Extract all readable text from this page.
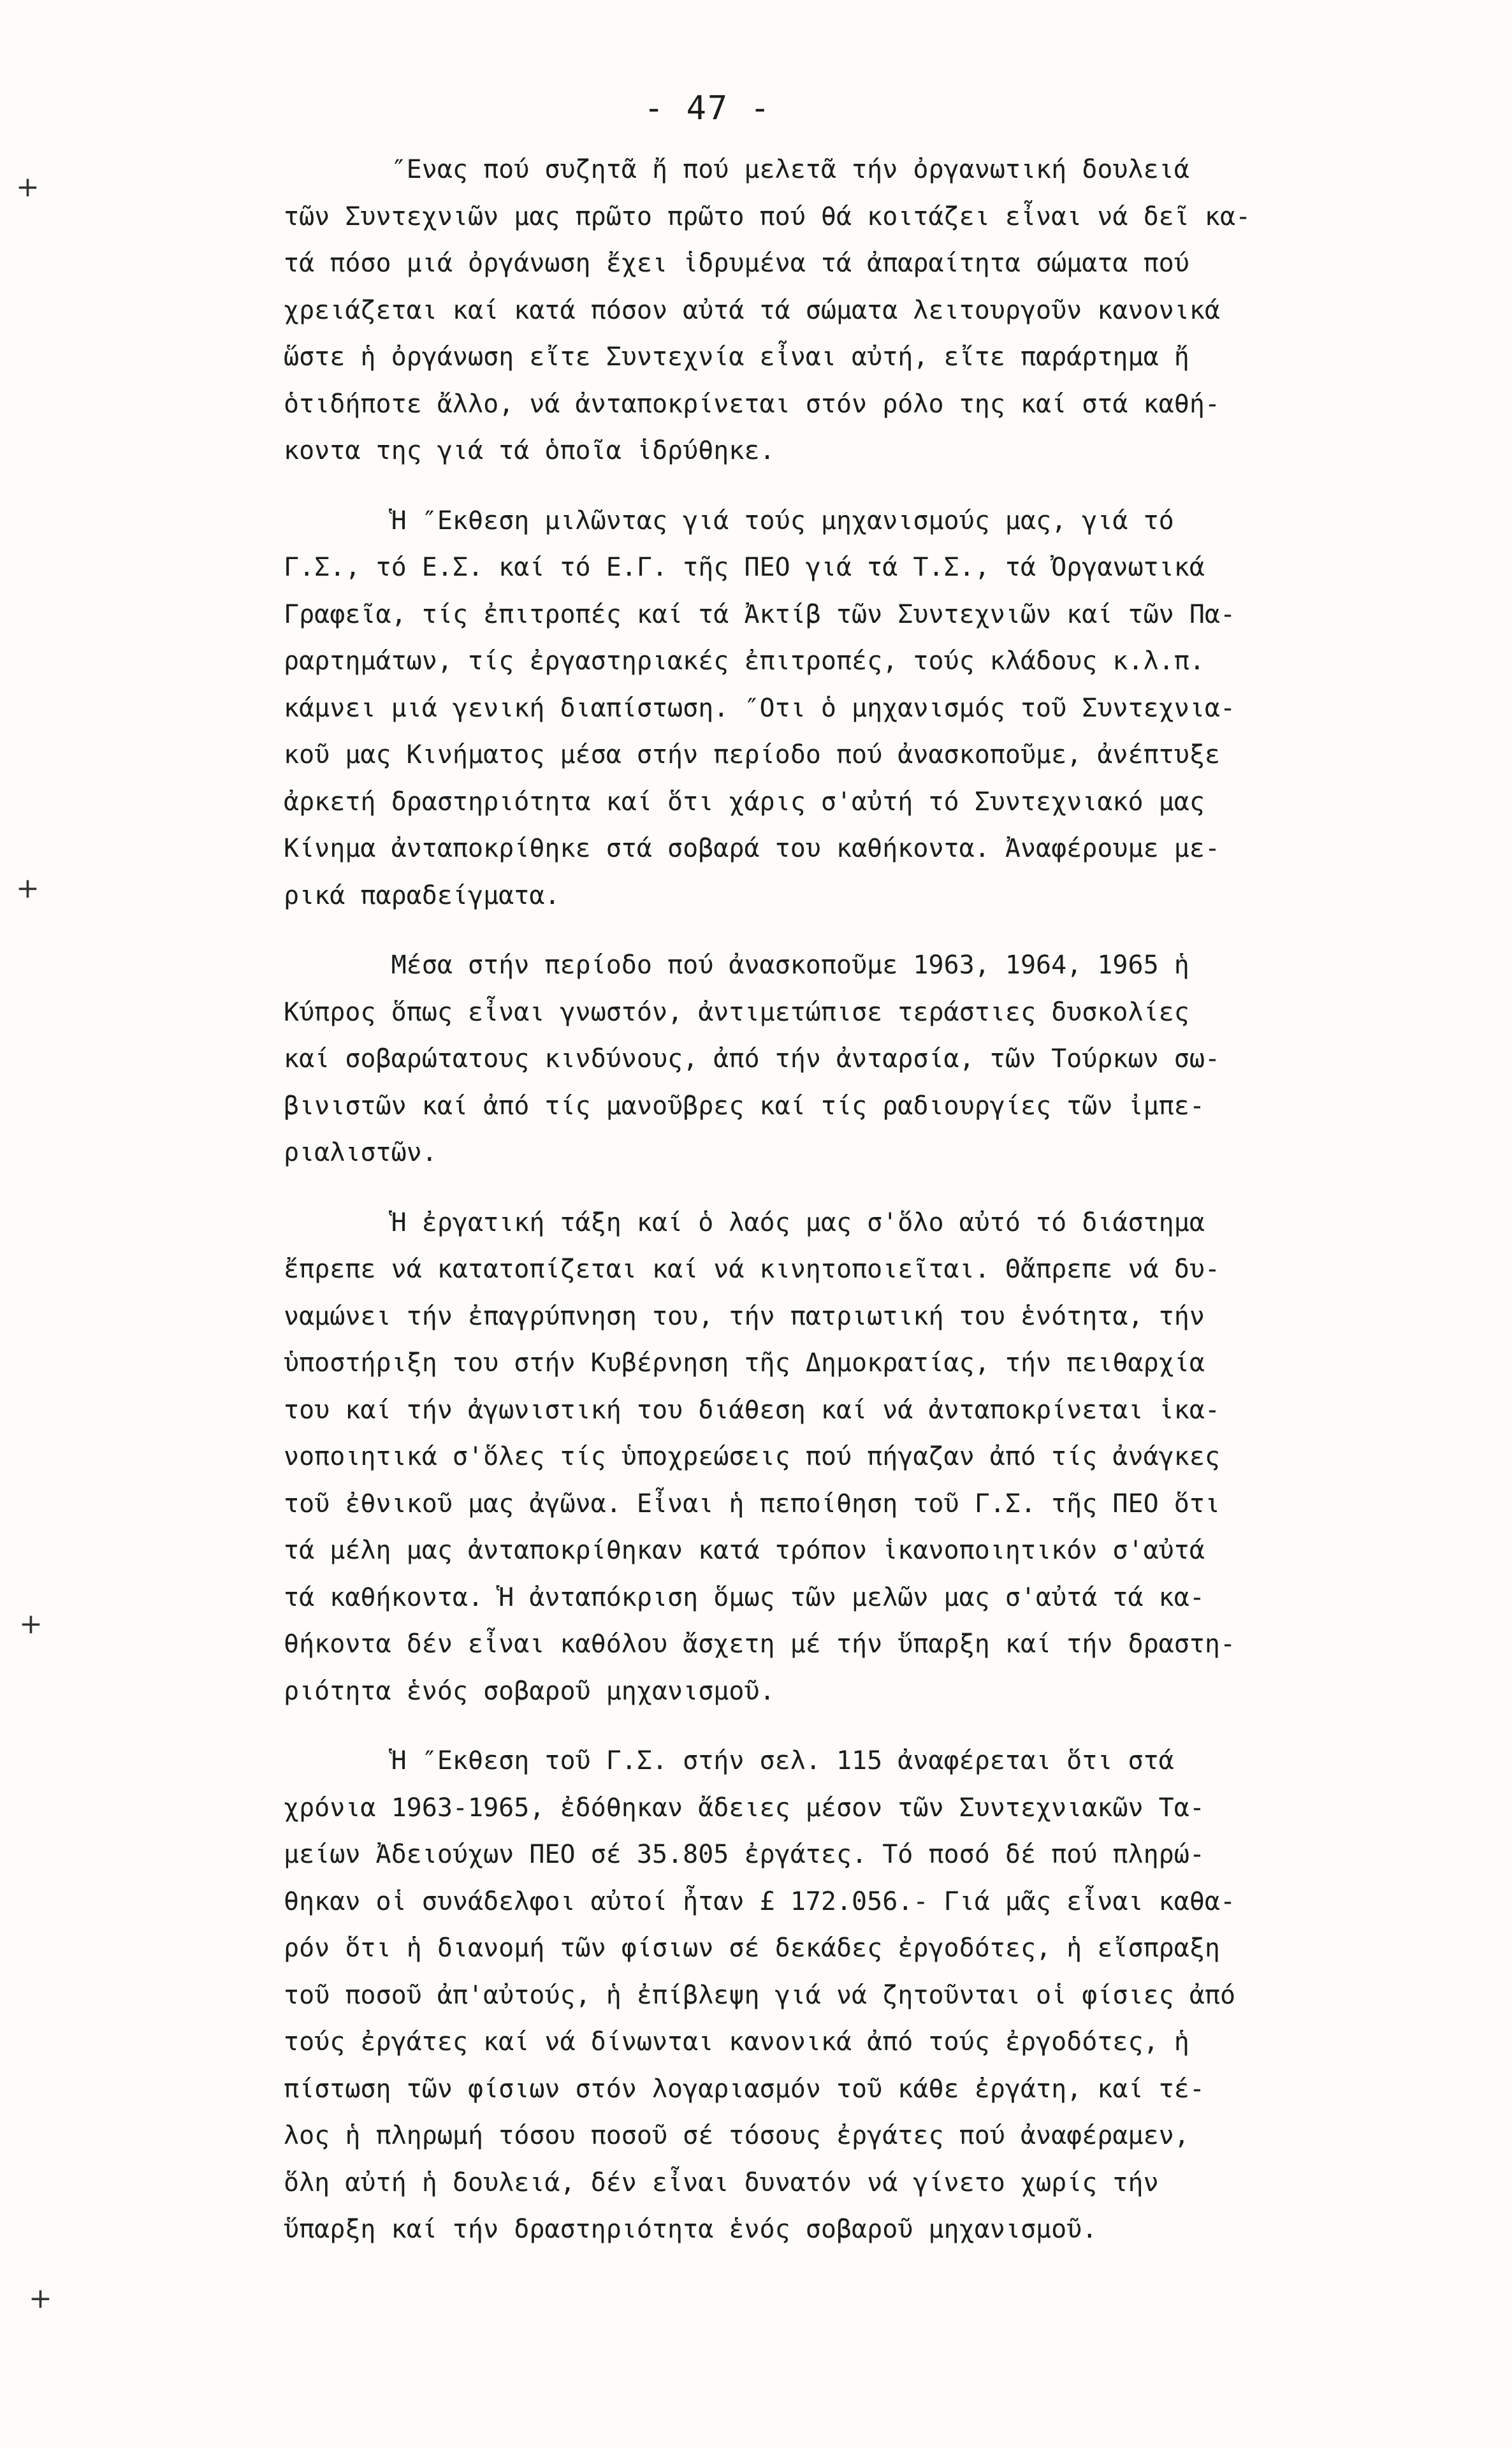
- 47 -
+
+
+
+
″Ενας πού συζητᾶ ἤ πού μελετᾶ τήν ὀργανωτική δουλειά
τῶν Συντεχνιῶν μας πρῶτο πρῶτο πού θά κοιτάζει εἶναι νά δεῖ κα-
τά πόσο μιά ὀργάνωση ἔχει ἱδρυμένα τά ἀπαραίτητα σώματα πού
χρειάζεται καί κατά πόσον αὐτά τά σώματα λειτουργοῦν κανονικά
ὥστε ἡ ὀργάνωση εἴτε Συντεχνία εἶναι αὐτή, εἴτε παράρτημα ἤ
ὁτιδήποτε ἄλλο, νά ἀνταποκρίνεται στόν ρόλο της καί στά καθή-
κοντα της γιά τά ὁποῖα ἱδρύθηκε.
Ἡ ″Εκθεση μιλῶντας γιά τούς μηχανισμούς μας, γιά τό
Γ.Σ., τό Ε.Σ. καί τό Ε.Γ. τῆς ΠΕΟ γιά τά Τ.Σ., τά Ὀργανωτικά
Γραφεῖα, τίς ἐπιτροπές καί τά Ἀκτίβ τῶν Συντεχνιῶν καί τῶν Πα-
ραρτημάτων, τίς ἐργαστηριακές ἐπιτροπές, τούς κλάδους κ.λ.π.
κάμνει μιά γενική διαπίστωση. ″Οτι ὁ μηχανισμός τοῦ Συντεχνια-
κοῦ μας Κινήματος μέσα στήν περίοδο πού ἀνασκοποῦμε, ἀνέπτυξε
ἀρκετή δραστηριότητα καί ὅτι χάρις σ'αὐτή τό Συντεχνιακό μας
Κίνημα ἀνταποκρίθηκε στά σοβαρά του καθήκοντα. Ἀναφέρουμε με-
ρικά παραδείγματα.
Μέσα στήν περίοδο πού ἀνασκοποῦμε 1963, 1964, 1965 ἡ
Κύπρος ὅπως εἶναι γνωστόν, ἀντιμετώπισε τεράστιες δυσκολίες
καί σοβαρώτατους κινδύνους, ἀπό τήν ἀνταρσία, τῶν Τούρκων σω-
βινιστῶν καί ἀπό τίς μανοῦβρες καί τίς ραδιουργίες τῶν ἰμπε-
ριαλιστῶν.
Ἡ ἐργατική τάξη καί ὁ λαός μας σ'ὅλο αὐτό τό διάστημα
ἔπρεπε νά κατατοπίζεται καί νά κινητοποιεῖται. Θἄπρεπε νά δυ-
ναμώνει τήν ἐπαγρύπνηση του, τήν πατριωτική του ἑνότητα, τήν
ὑποστήριξη του στήν Κυβέρνηση τῆς Δημοκρατίας, τήν πειθαρχία
του καί τήν ἀγωνιστική του διάθεση καί νά ἀνταποκρίνεται ἱκα-
νοποιητικά σ'ὅλες τίς ὑποχρεώσεις πού πήγαζαν ἀπό τίς ἀνάγκες
τοῦ ἐθνικοῦ μας ἀγῶνα. Εἶναι ἡ πεποίθηση τοῦ Γ.Σ. τῆς ΠΕΟ ὅτι
τά μέλη μας ἀνταποκρίθηκαν κατά τρόπον ἱκανοποιητικόν σ'αὐτά
τά καθήκοντα. Ἡ ἀνταπόκριση ὅμως τῶν μελῶν μας σ'αὐτά τά κα-
θήκοντα δέν εἶναι καθόλου ἄσχετη μέ τήν ὕπαρξη καί τήν δραστη-
ριότητα ἑνός σοβαροῦ μηχανισμοῦ.
Ἡ ″Εκθεση τοῦ Γ.Σ. στήν σελ. 115 ἀναφέρεται ὅτι στά
χρόνια 1963-1965, ἐδόθηκαν ἄδειες μέσον τῶν Συντεχνιακῶν Τα-
μείων Ἀδειούχων ΠΕΟ σέ 35.805 ἐργάτες. Τό ποσό δέ πού πληρώ-
θηκαν οἱ συνάδελφοι αὐτοί ἦταν £ 172.056.- Γιά μᾶς εἶναι καθα-
ρόν ὅτι ἡ διανομή τῶν φίσιων σέ δεκάδες ἐργοδότες, ἡ εἴσπραξη
τοῦ ποσοῦ ἀπ'αὐτούς, ἡ ἐπίβλεψη γιά νά ζητοῦνται οἱ φίσιες ἀπό
τούς ἐργάτες καί νά δίνωνται κανονικά ἀπό τούς ἐργοδότες, ἡ
πίστωση τῶν φίσιων στόν λογαριασμόν τοῦ κάθε ἐργάτη, καί τέ-
λος ἡ πληρωμή τόσου ποσοῦ σέ τόσους ἐργάτες πού ἀναφέραμεν,
ὅλη αὐτή ἡ δουλειά, δέν εἶναι δυνατόν νά γίνετο χωρίς τήν
ὕπαρξη καί τήν δραστηριότητα ἑνός σοβαροῦ μηχανισμοῦ.
